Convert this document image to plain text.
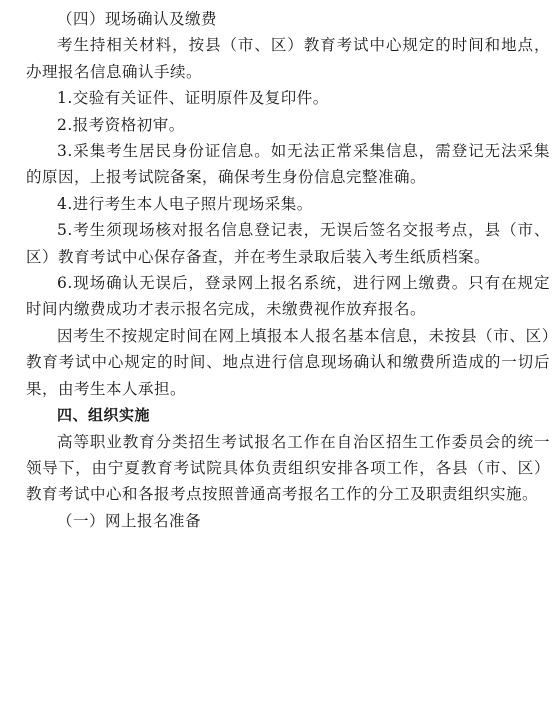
（四）现场确认及缴费

考生持相关材料，按县（市、区）教育考试中心规定的时间和地点，办理报名信息确认手续。

1.交验有关证件、证明原件及复印件。

2.报考资格初审。

3.采集考生居民身份证信息。如无法正常采集信息，需登记无法采集的原因，上报考试院备案，确保考生身份信息完整准确。

4.进行考生本人电子照片现场采集。

5.考生须现场核对报名信息登记表，无误后签名交报考点，县（市、区）教育考试中心保存备查，并在考生录取后装入考生纸质档案。

6.现场确认无误后，登录网上报名系统，进行网上缴费。只有在规定时间内缴费成功才表示报名完成，未缴费视作放弃报名。

因考生不按规定时间在网上填报本人报名基本信息，未按县（市、区）教育考试中心规定的时间、地点进行信息现场确认和缴费所造成的一切后果，由考生本人承担。

四、组织实施

高等职业教育分类招生考试报名工作在自治区招生工作委员会的统一领导下，由宁夏教育考试院具体负责组织安排各项工作，各县（市、区）教育考试中心和各报考点按照普通高考报名工作的分工及职责组织实施。

（一）网上报名准备
